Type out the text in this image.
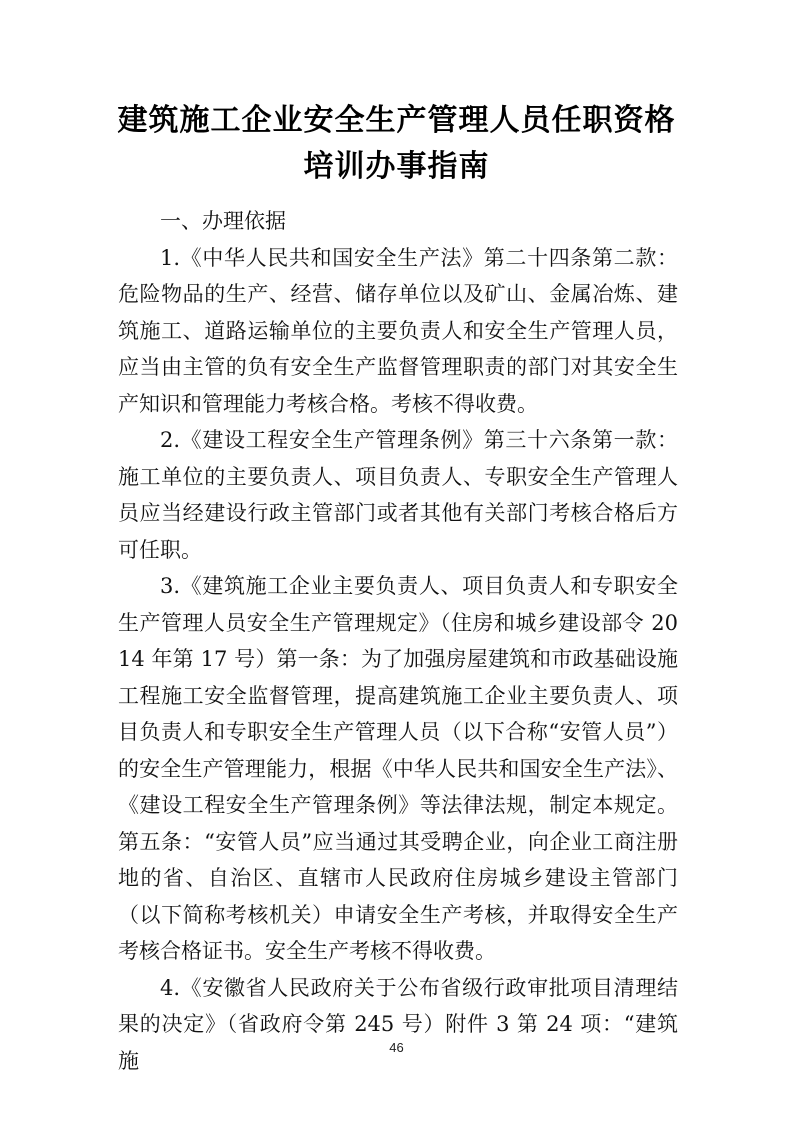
建筑施工企业安全生产管理人员任职资格
培训办事指南

一、办理依据

1.《中华人民共和国安全生产法》第二十四条第二款：危险物品的生产、经营、储存单位以及矿山、金属冶炼、建筑施工、道路运输单位的主要负责人和安全生产管理人员，应当由主管的负有安全生产监督管理职责的部门对其安全生产知识和管理能力考核合格。考核不得收费。

2.《建设工程安全生产管理条例》第三十六条第一款：施工单位的主要负责人、项目负责人、专职安全生产管理人员应当经建设行政主管部门或者其他有关部门考核合格后方可任职。

3.《建筑施工企业主要负责人、项目负责人和专职安全生产管理人员安全生产管理规定》（住房和城乡建设部令 2014 年第 17 号）第一条：为了加强房屋建筑和市政基础设施工程施工安全监督管理，提高建筑施工企业主要负责人、项目负责人和专职安全生产管理人员（以下合称“安管人员”）的安全生产管理能力，根据《中华人民共和国安全生产法》、《建设工程安全生产管理条例》等法律法规，制定本规定。第五条：“安管人员”应当通过其受聘企业，向企业工商注册地的省、自治区、直辖市人民政府住房城乡建设主管部门（以下简称考核机关）申请安全生产考核，并取得安全生产考核合格证书。安全生产考核不得收费。

4.《安徽省人民政府关于公布省级行政审批项目清理结果的决定》（省政府令第 245 号）附件 3 第 24 项：“建筑施

46
